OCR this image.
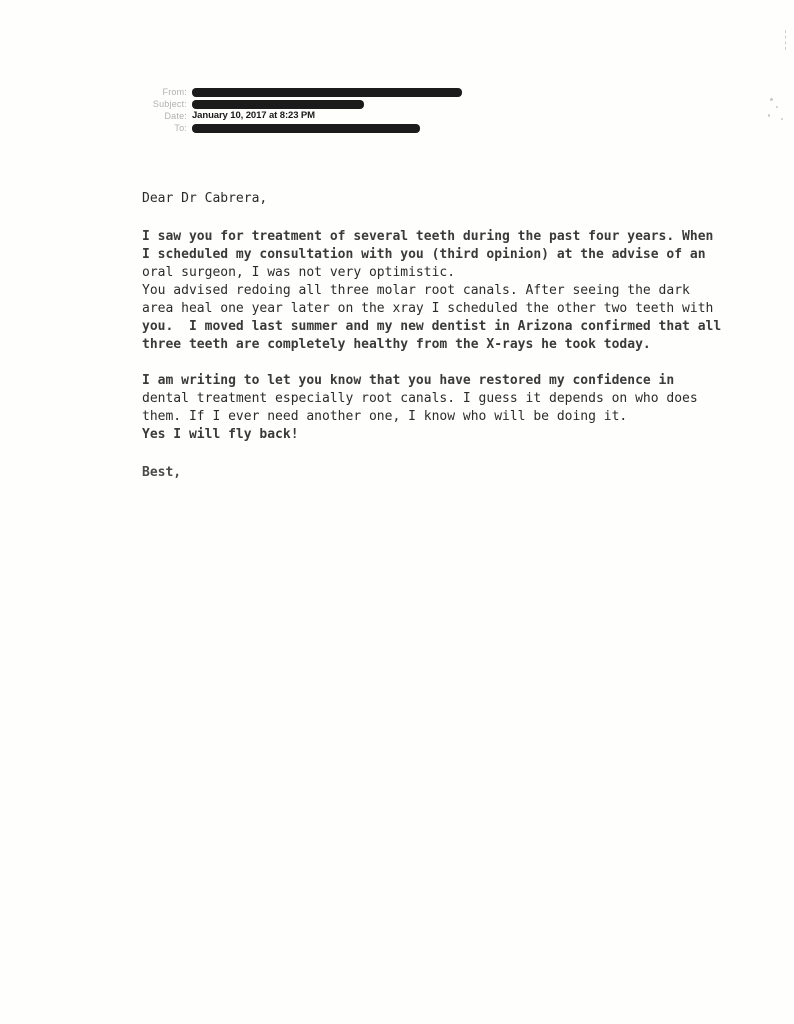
From:
Subject:
Date: January 10, 2017 at 8:23 PM
To:
Dear Dr Cabrera,
I saw you for treatment of several teeth during the past four years. When
I scheduled my consultation with you (third opinion) at the advise of an
oral surgeon, I was not very optimistic.
You advised redoing all three molar root canals. After seeing the dark
area heal one year later on the xray I scheduled the other two teeth with
you.  I moved last summer and my new dentist in Arizona confirmed that all
three teeth are completely healthy from the X-rays he took today.
I am writing to let you know that you have restored my confidence in
dental treatment especially root canals. I guess it depends on who does
them. If I ever need another one, I know who will be doing it.
Yes I will fly back!
Best,
